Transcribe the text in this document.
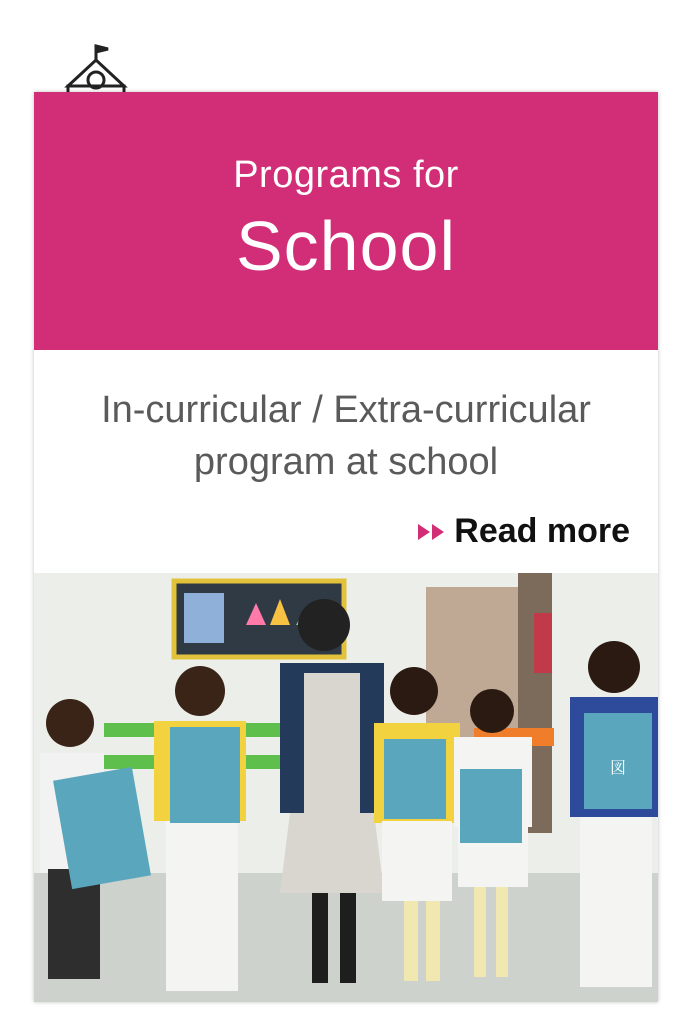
Programs for
School
In-curricular / Extra-curricular
program at school
Read more
図
